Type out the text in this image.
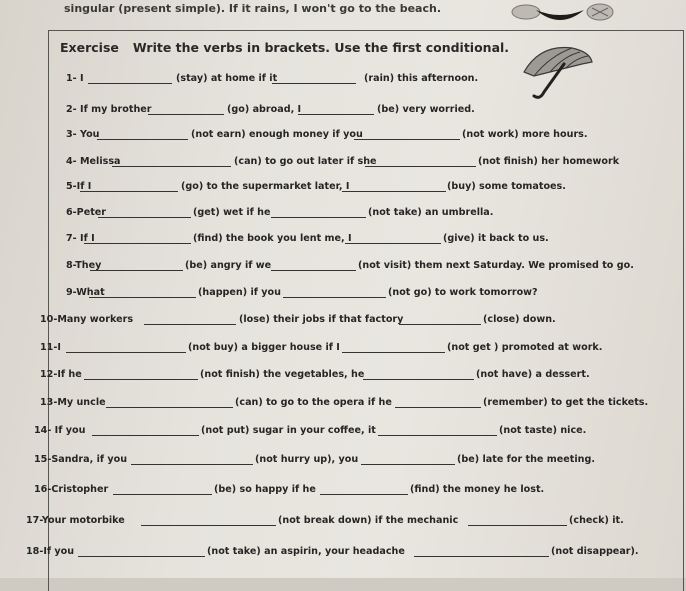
singular (present simple). If it rains, I won't go to the beach.
Exercise Write the verbs in brackets. Use the first conditional.
1- I	(stay) at home if it	(rain) this afternoon.
2- If my brother	(go) abroad, I	(be) very worried.
3- You	(not earn) enough money if you	(not work) more hours.
4- Melissa	(can) to go out later if she	(not finish) her homework
5-If I	(go) to the supermarket later, I	(buy) some tomatoes.
6-Peter	(get) wet if he	(not take) an umbrella.
7- If I	(find) the book you lent me, I	(give) it back to us.
8-They	(be) angry if we	(not visit) them next Saturday. We promised to go.
9-What	(happen) if you	(not go) to work tomorrow?
10-Many workers	(lose) their jobs if that factory	(close) down.
11-I	(not buy) a bigger house if I	(not get ) promoted at work.
12-If he	(not finish) the vegetables, he	(not have) a dessert.
13-My uncle	(can) to go to the opera if he	(remember) to get the tickets.
14- If you	(not put) sugar in your coffee, it	(not taste) nice.
15-Sandra, if you	(not hurry up), you	(be) late for the meeting.
16-Cristopher	(be) so happy if he	(find) the money he lost.
17-Your motorbike	(not break down) if the mechanic	(check) it.
18-If you	(not take) an aspirin, your headache	(not disappear).
